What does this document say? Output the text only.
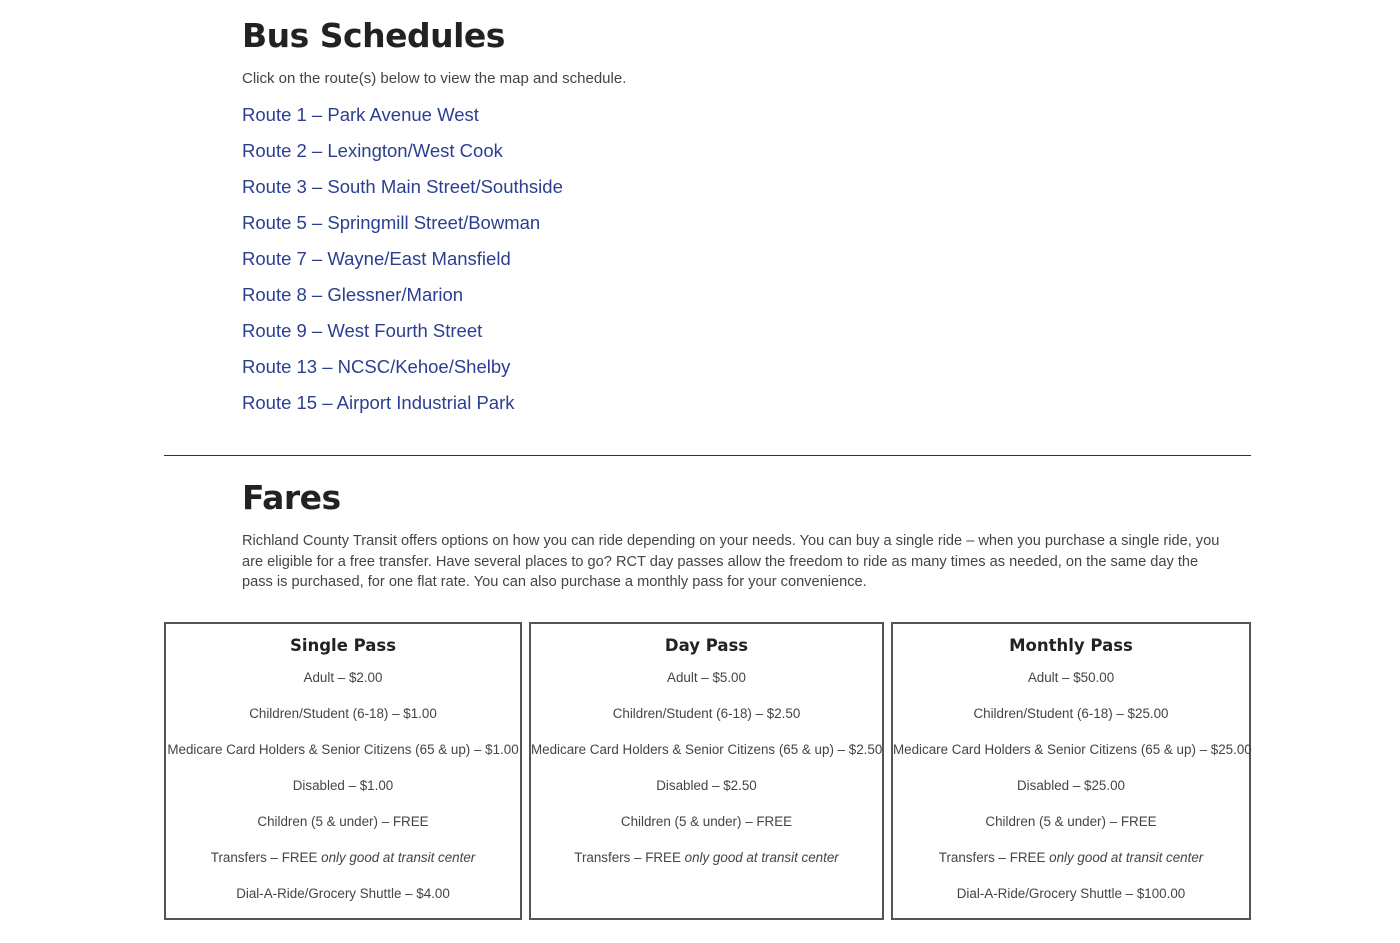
Bus Schedules

Click on the route(s) below to view the map and schedule.

Route 1 – Park Avenue West
Route 2 – Lexington/West Cook
Route 3 – South Main Street/Southside
Route 5 – Springmill Street/Bowman
Route 7 – Wayne/East Mansfield
Route 8 – Glessner/Marion
Route 9 – West Fourth Street
Route 13 – NCSC/Kehoe/Shelby
Route 15 – Airport Industrial Park
Fares

Richland County Transit offers options on how you can ride depending on your needs. You can buy a single ride – when you purchase a single ride, you are eligible for a free transfer. Have several places to go? RCT day passes allow the freedom to ride as many times as needed, on the same day the pass is purchased, for one flat rate. You can also purchase a monthly pass for your convenience.

Single Pass
Adult – $2.00
Children/Student (6-18) – $1.00
Medicare Card Holders & Senior Citizens (65 & up) – $1.00
Disabled – $1.00
Children (5 & under) – FREE
Transfers – FREE only good at transit center
Dial-A-Ride/Grocery Shuttle – $4.00
Day Pass
Adult – $5.00
Children/Student (6-18) – $2.50
Medicare Card Holders & Senior Citizens (65 & up) – $2.50
Disabled – $2.50
Children (5 & under) – FREE
Transfers – FREE only good at transit center
Monthly Pass
Adult – $50.00
Children/Student (6-18) – $25.00
Medicare Card Holders & Senior Citizens (65 & up) – $25.00
Disabled – $25.00
Children (5 & under) – FREE
Transfers – FREE only good at transit center
Dial-A-Ride/Grocery Shuttle – $100.00
